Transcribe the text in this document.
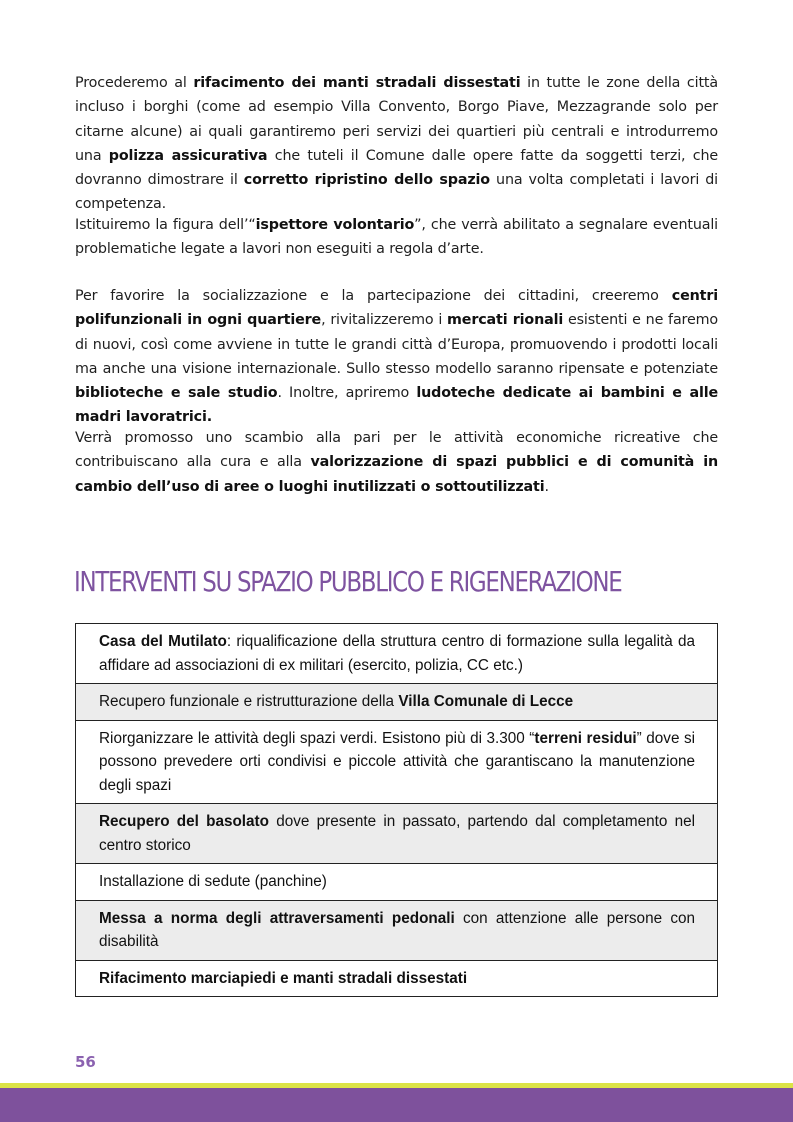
Procederemo al rifacimento dei manti stradali dissestati in tutte le zone della città incluso i borghi (come ad esempio Villa Convento, Borgo Piave, Mezzagrande solo per citarne alcune) ai quali garantiremo peri servizi dei quartieri più centrali e introdurremo una polizza assicurativa che tuteli il Comune dalle opere fatte da soggetti terzi, che dovranno dimostrare il corretto ripristino dello spazio una volta completati i lavori di competenza.

Istituiremo la figura dell’“ispettore volontario”, che verrà abilitato a segnalare eventuali problematiche legate a lavori non eseguiti a regola d’arte.

Per favorire la socializzazione e la partecipazione dei cittadini, creeremo centri polifunzionali in ogni quartiere, rivitalizzeremo i mercati rionali esistenti e ne faremo di nuovi, così come avviene in tutte le grandi città d’Europa, promuovendo i prodotti locali ma anche una visione internazionale. Sullo stesso modello saranno ripensate e potenziate biblioteche e sale studio. Inoltre, apriremo ludoteche dedicate ai bambini e alle madri lavoratrici.

Verrà promosso uno scambio alla pari per le attività economiche ricreative che contribuiscano alla cura e alla valorizzazione di spazi pubblici e di comunità in cambio dell’uso di aree o luoghi inutilizzati o sottoutilizzati.

INTERVENTI SU SPAZIO PUBBLICO E RIGENERAZIONE
Casa del Mutilato: riqualificazione della struttura centro di formazione sulla legalità da affidare ad associazioni di ex militari (esercito, polizia, CC etc.)
Recupero funzionale e ristrutturazione della Villa Comunale di Lecce
Riorganizzare le attività degli spazi verdi. Esistono più di 3.300 “terreni residui” dove si possono prevedere orti condivisi e piccole attività che garantiscano la manutenzione degli spazi
Recupero del basolato dove presente in passato, partendo dal completamento nel centro storico
Installazione di sedute (panchine)
Messa a norma degli attraversamenti pedonali con attenzione alle persone con disabilità
Rifacimento marciapiedi e manti stradali dissestati
56
